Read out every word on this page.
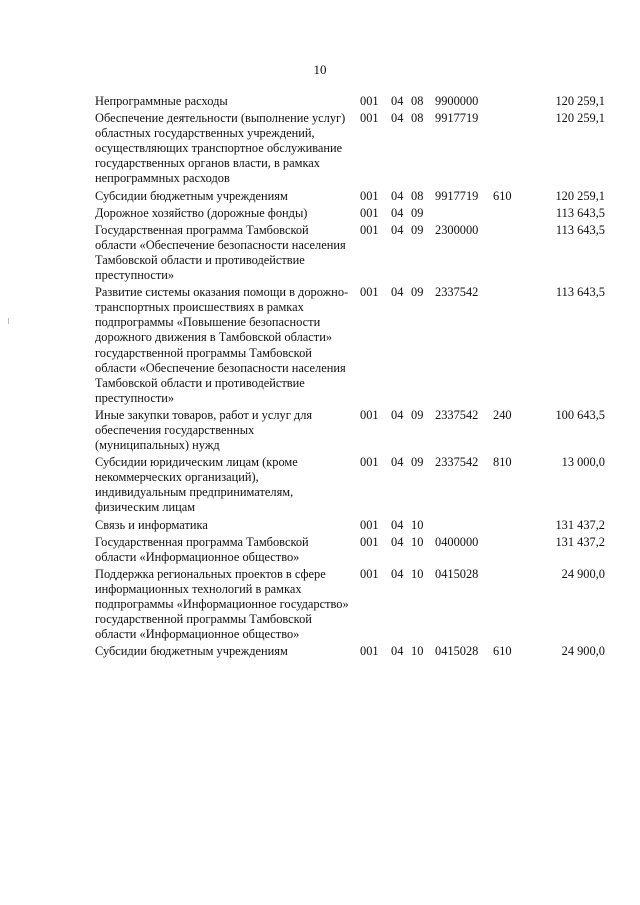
10
Непрограммные расходы	001 04 08 9900000	120 259,1
Обеспечение деятельности (выполнение услуг) областных государственных учреждений, осуществляющих транспортное обслуживание государственных органов власти, в рамках непрограммных расходов
001 04 08 9917719	120 259,1
Субсидии бюджетным учреждениям	001 04 08 9917719 610	120 259,1
Дорожное хозяйство (дорожные фонды)	001 04 09	113 643,5
Государственная программа Тамбовской области «Обеспечение безопасности населения Тамбовской области и противодействие преступности»
001 04 09 2300000	113 643,5
Развитие системы оказания помощи в дорожно-транспортных происшествиях в рамках подпрограммы «Повышение безопасности дорожного движения в Тамбовской области» государственной программы Тамбовской области «Обеспечение безопасности населения Тамбовской области и противодействие преступности»
001 04 09 2337542	113 643,5
Иные закупки товаров, работ и услуг для обеспечения государственных (муниципальных) нужд
001 04 09 2337542 240	100 643,5
Субсидии юридическим лицам (кроме некоммерческих организаций), индивидуальным предпринимателям, физическим лицам
001 04 09 2337542 810	13 000,0
Связь и информатика	001 04 10	131 437,2
Государственная программа Тамбовской области «Информационное общество»
001 04 10 0400000	131 437,2
Поддержка региональных проектов в сфере информационных технологий в рамках подпрограммы «Информационное государство» государственной программы Тамбовской области «Информационное общество»
001 04 10 0415028	24 900,0
Субсидии бюджетным учреждениям	001 04 10 0415028 610	24 900,0
